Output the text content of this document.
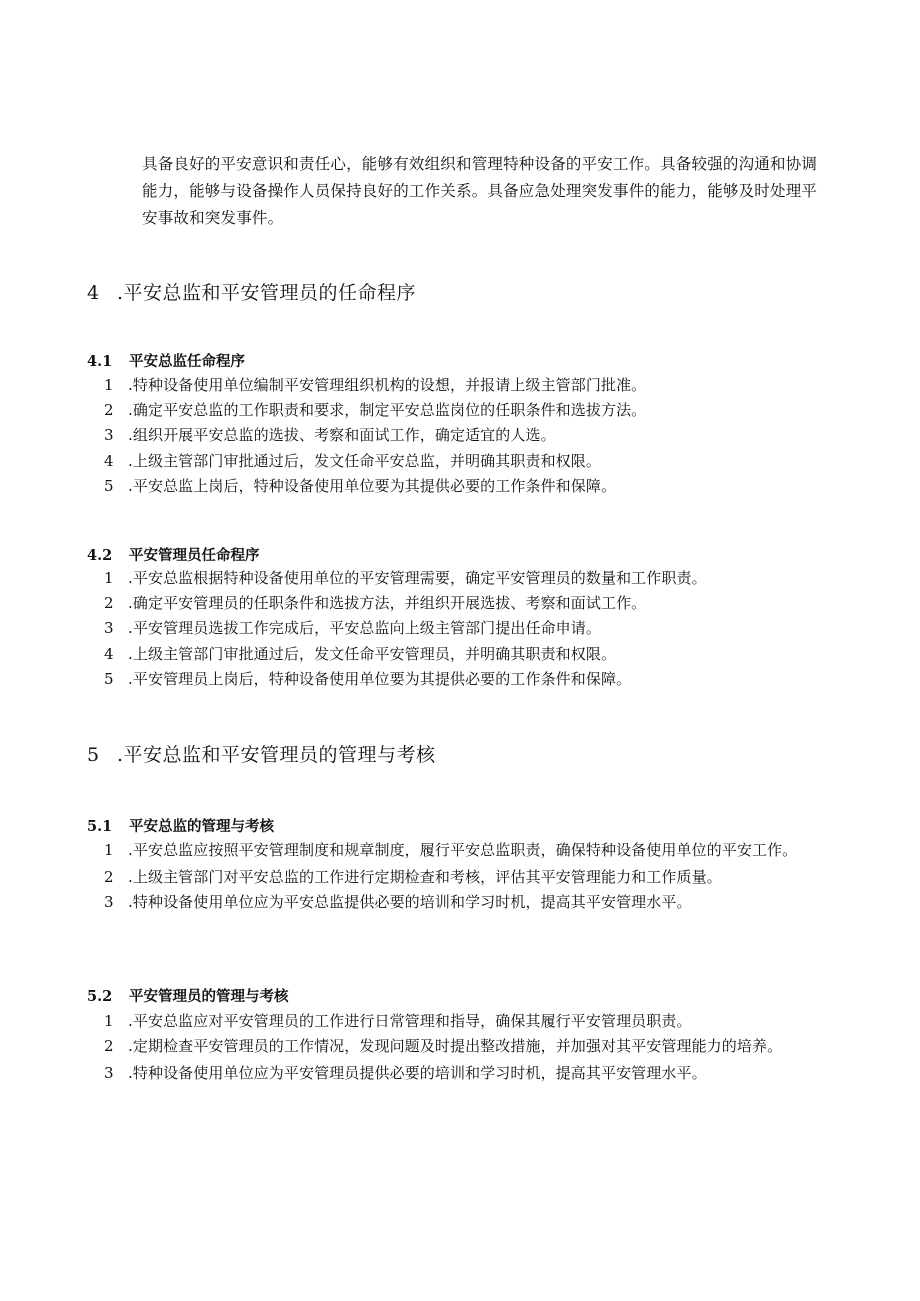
具备良好的平安意识和责任心，能够有效组织和管理特种设备的平安工作。具备较强的沟通和协调能力，能够与设备操作人员保持良好的工作关系。具备应急处理突发事件的能力，能够及时处理平安事故和突发事件。

4 .平安总监和平安管理员的任命程序
4.1 平安总监任命程序
1 .特种设备使用单位编制平安管理组织机构的设想，并报请上级主管部门批准。
2 .确定平安总监的工作职责和要求，制定平安总监岗位的任职条件和选拔方法。
3 .组织开展平安总监的选拔、考察和面试工作，确定适宜的人选。
4 .上级主管部门审批通过后，发文任命平安总监，并明确其职责和权限。
5 .平安总监上岗后，特种设备使用单位要为其提供必要的工作条件和保障。
4.2 平安管理员任命程序
1 .平安总监根据特种设备使用单位的平安管理需要，确定平安管理员的数量和工作职责。
2 .确定平安管理员的任职条件和选拔方法，并组织开展选拔、考察和面试工作。
3 .平安管理员选拔工作完成后，平安总监向上级主管部门提出任命申请。
4 .上级主管部门审批通过后，发文任命平安管理员，并明确其职责和权限。
5 .平安管理员上岗后，特种设备使用单位要为其提供必要的工作条件和保障。
5 .平安总监和平安管理员的管理与考核
5.1 平安总监的管理与考核
1 .平安总监应按照平安管理制度和规章制度，履行平安总监职责，确保特种设备使用单位的平安工作。
2 .上级主管部门对平安总监的工作进行定期检查和考核，评估其平安管理能力和工作质量。
3 .特种设备使用单位应为平安总监提供必要的培训和学习时机，提高其平安管理水平。
5.2 平安管理员的管理与考核
1 .平安总监应对平安管理员的工作进行日常管理和指导，确保其履行平安管理员职责。
2 .定期检查平安管理员的工作情况，发现问题及时提出整改措施，并加强对其平安管理能力的培养。
3 .特种设备使用单位应为平安管理员提供必要的培训和学习时机，提高其平安管理水平。
